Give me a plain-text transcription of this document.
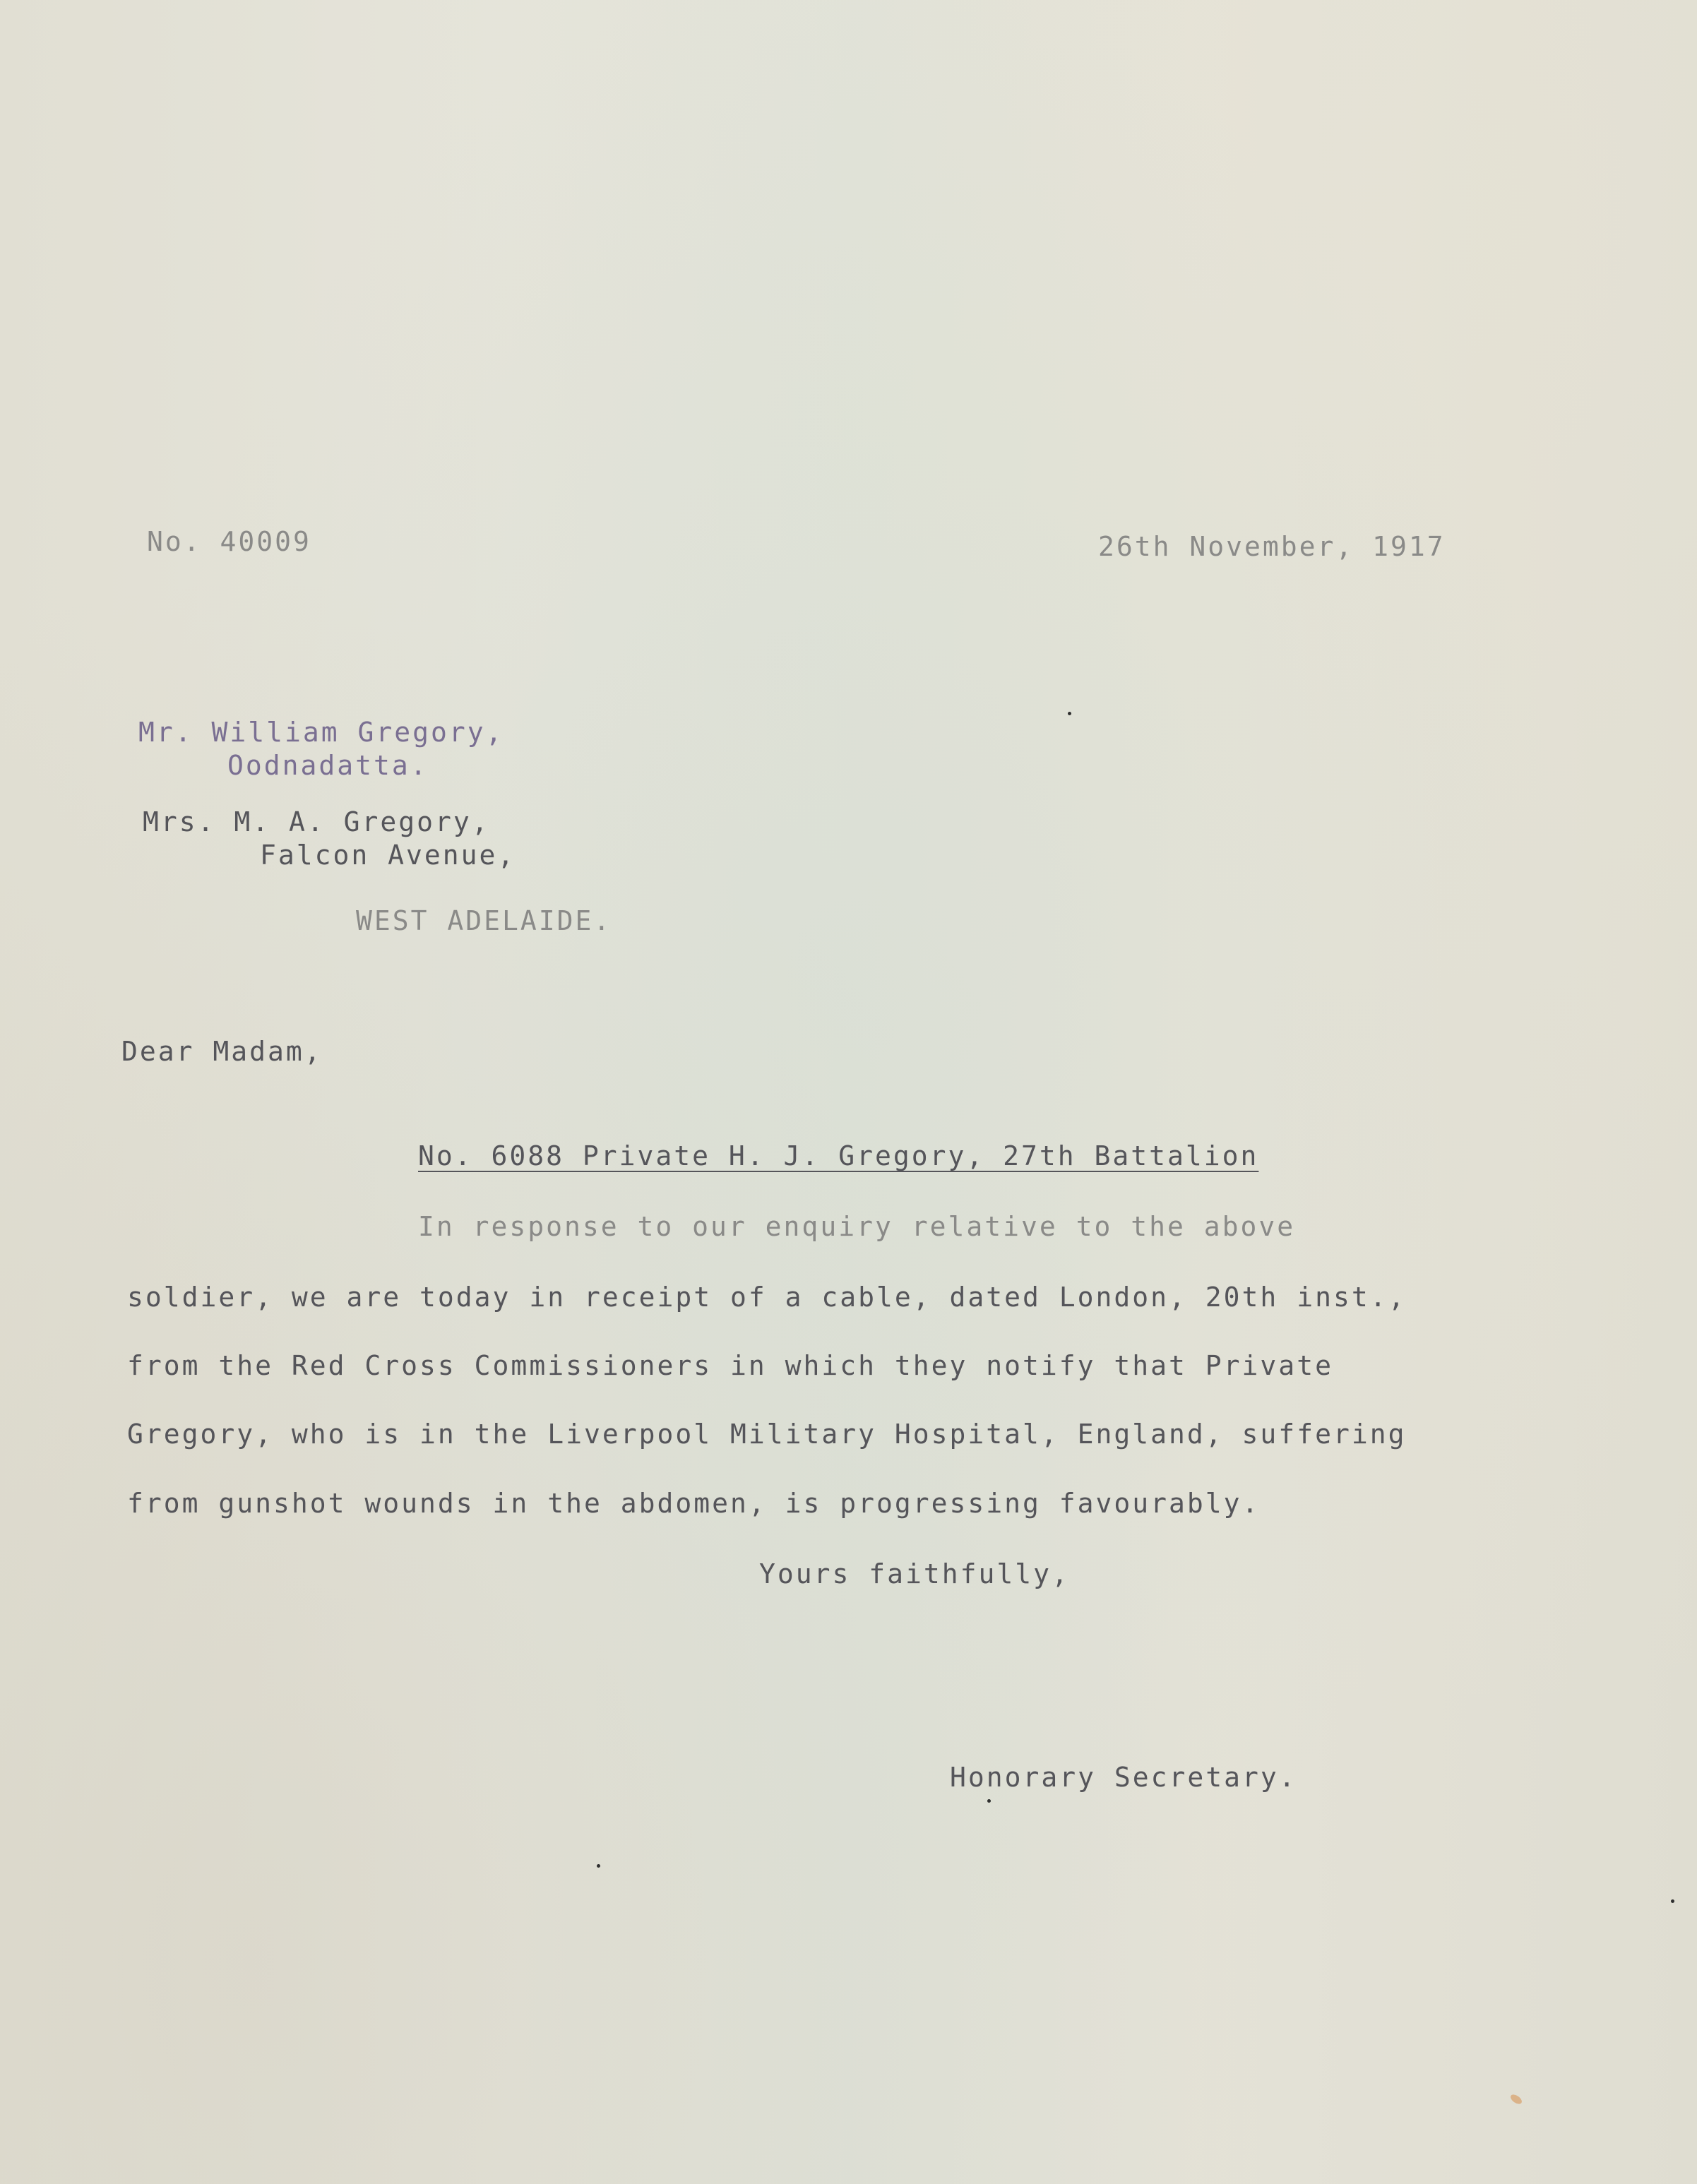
No. 40009	26th November, 1917
Mr. William Gregory,
Oodnadatta.
Mrs. M. A. Gregory,
Falcon Avenue,
WEST ADELAIDE.
Dear Madam,
No. 6088 Private H. J. Gregory, 27th Battalion
In response to our enquiry relative to the above
soldier, we are today in receipt of a cable, dated London, 20th inst.,
from the Red Cross Commissioners in which they notify that Private
Gregory, who is in the Liverpool Military Hospital, England, suffering
from gunshot wounds in the abdomen, is progressing favourably.
Yours faithfully,
Honorary Secretary.
